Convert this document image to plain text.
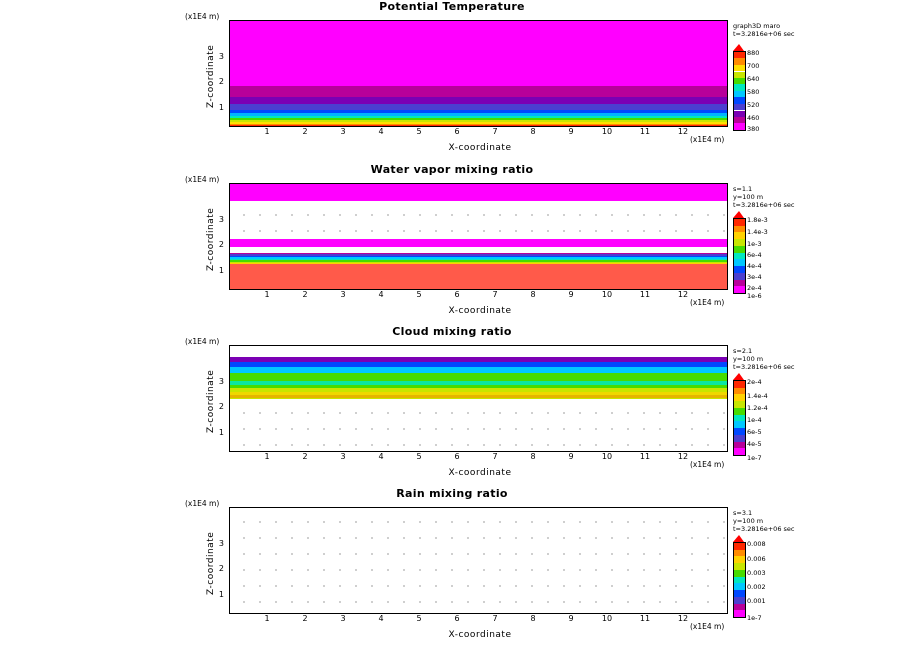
Potential Temperature
(x1E4 m)
Z-coordinate 3
2
1
1	2	3	4	5	6	7	8	9	10	11	12
(x1E4 m)
X-coordinate
graph3D maro
t=3.2816e+06 sec
880
700
640
580
520
460
380
Water vapor mixing ratio
(x1E4 m)
Z-coordinate 3
2
1
1	2	3	4	5	6	7	8	9	10	11	12
(x1E4 m)
X-coordinate
s=1.1
y=100 m
t=3.2816e+06 sec
1.8e-3
1.4e-3
1e-3
6e-4
4e-4
3e-4
2e-4
1e-6
Cloud mixing ratio
(x1E4 m)
Z-coordinate 3
2
1
1	2	3	4	5	6	7	8	9	10	11	12
(x1E4 m)
X-coordinate
s=2.1
y=100 m
t=3.2816e+06 sec
2e-4
1.4e-4
1.2e-4
1e-4
6e-5
4e-5
1e-7
Rain mixing ratio
(x1E4 m)
Z-coordinate 3
2
1
1	2	3	4	5	6	7	8	9	10	11	12
(x1E4 m)
X-coordinate
s=3.1
y=100 m
t=3.2816e+06 sec
0.008
0.006
0.003
0.002
0.001
1e-7
